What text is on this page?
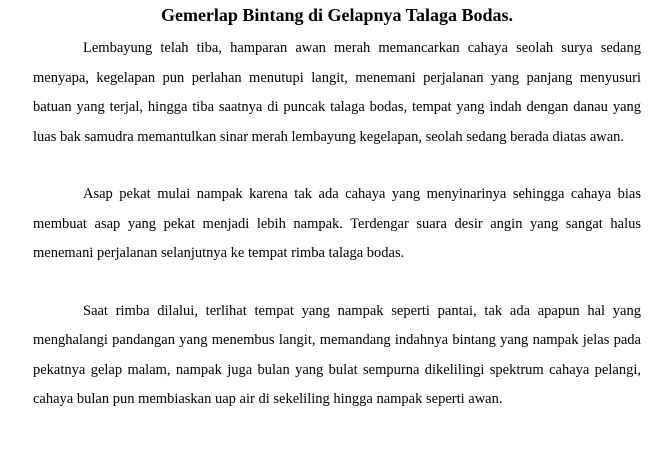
Gemerlap Bintang di Gelapnya Talaga Bodas.

Lembayung telah tiba, hamparan awan merah memancarkan cahaya seolah surya sedang menyapa, kegelapan pun perlahan menutupi langit, menemani perjalanan yang panjang menyusuri batuan yang terjal, hingga tiba saatnya di puncak talaga bodas, tempat yang indah dengan danau yang luas bak samudra memantulkan sinar merah lembayung kegelapan, seolah sedang berada diatas awan.

Asap pekat mulai nampak karena tak ada cahaya yang menyinarinya sehingga cahaya bias membuat asap yang pekat menjadi lebih nampak. Terdengar suara desir angin yang sangat halus menemani perjalanan selanjutnya ke tempat rimba talaga bodas.

Saat rimba dilalui, terlihat tempat yang nampak seperti pantai, tak ada apapun hal yang menghalangi pandangan yang menembus langit, memandang indahnya bintang yang nampak jelas pada pekatnya gelap malam, nampak juga bulan yang bulat sempurna dikelilingi spektrum cahaya pelangi, cahaya bulan pun membiaskan uap air di sekeliling hingga nampak seperti awan.
